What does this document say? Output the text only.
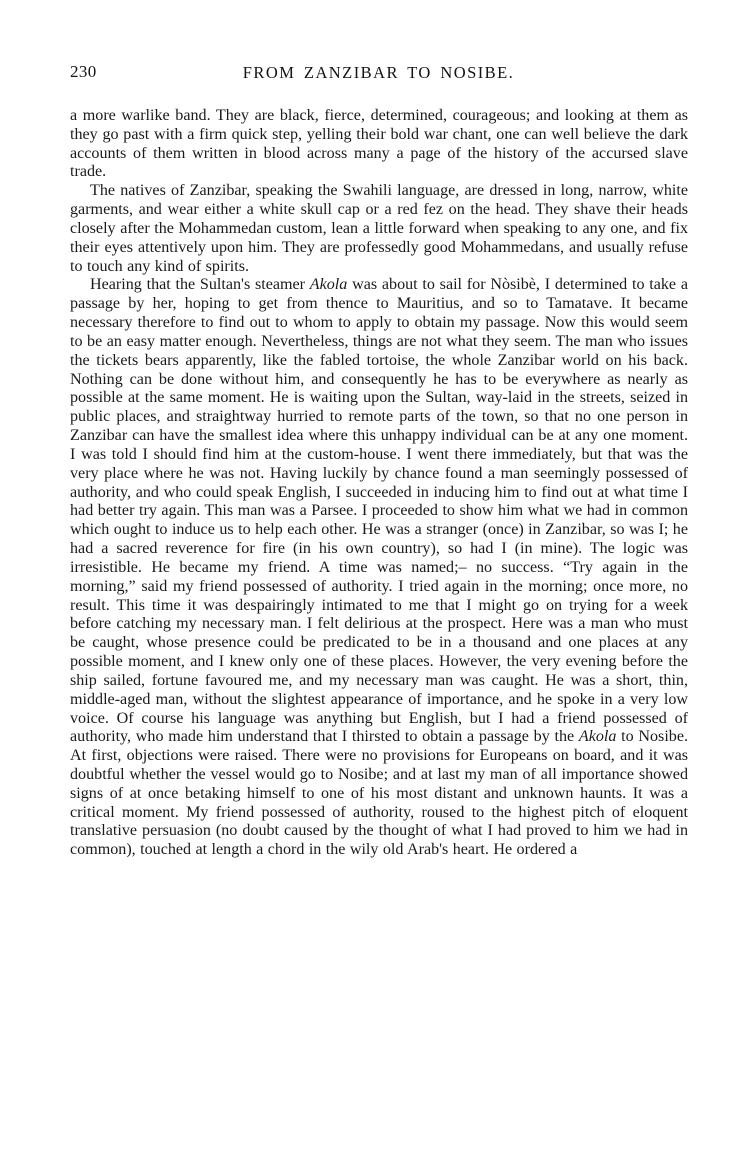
230	FROM ZANZIBAR TO NOSIBE.

a more warlike band. They are black, fierce, determined, courageous; and looking at them as they go past with a firm quick step, yelling their bold war chant, one can well believe the dark accounts of them written in blood across many a page of the history of the accursed slave trade.

The natives of Zanzibar, speaking the Swahili language, are dressed in long, narrow, white garments, and wear either a white skull cap or a red fez on the head. They shave their heads closely after the Mohammedan custom, lean a little forward when speaking to any one, and fix their eyes attentively upon him. They are professedly good Mohammedans, and usually refuse to touch any kind of spirits.

Hearing that the Sultan's steamer Akola was about to sail for Nòsibè, I determined to take a passage by her, hoping to get from thence to Mauritius, and so to Tamatave. It became necessary therefore to find out to whom to apply to obtain my passage. Now this would seem to be an easy matter enough. Nevertheless, things are not what they seem. The man who issues the tickets bears apparently, like the fabled tortoise, the whole Zanzibar world on his back. Nothing can be done without him, and consequently he has to be everywhere as nearly as possible at the same moment. He is waiting upon the Sultan, way-laid in the streets, seized in public places, and straightway hurried to remote parts of the town, so that no one person in Zanzibar can have the smallest idea where this unhappy individual can be at any one moment. I was told I should find him at the custom-house. I went there immediately, but that was the very place where he was not. Having luckily by chance found a man seemingly possessed of authority, and who could speak English, I succeeded in inducing him to find out at what time I had better try again. This man was a Parsee. I proceeded to show him what we had in common which ought to induce us to help each other. He was a stranger (once) in Zanzibar, so was I; he had a sacred reverence for fire (in his own country), so had I (in mine). The logic was irresistible. He became my friend. A time was named;– no success. “Try again in the morning,” said my friend possessed of authority. I tried again in the morning; once more, no result. This time it was despairingly intimated to me that I might go on trying for a week before catching my necessary man. I felt delirious at the prospect. Here was a man who must be caught, whose presence could be predicated to be in a thousand and one places at any possible moment, and I knew only one of these places. However, the very evening before the ship sailed, fortune favoured me, and my necessary man was caught. He was a short, thin, middle-aged man, without the slightest appearance of importance, and he spoke in a very low voice. Of course his language was anything but English, but I had a friend possessed of authority, who made him understand that I thirsted to obtain a passage by the Akola to Nosibe. At first, objections were raised. There were no provisions for Europeans on board, and it was doubtful whether the vessel would go to Nosibe; and at last my man of all importance showed signs of at once betaking himself to one of his most distant and unknown haunts. It was a critical moment. My friend possessed of authority, roused to the highest pitch of eloquent translative persuasion (no doubt caused by the thought of what I had proved to him we had in common), touched at length a chord in the wily old Arab's heart. He ordered a
